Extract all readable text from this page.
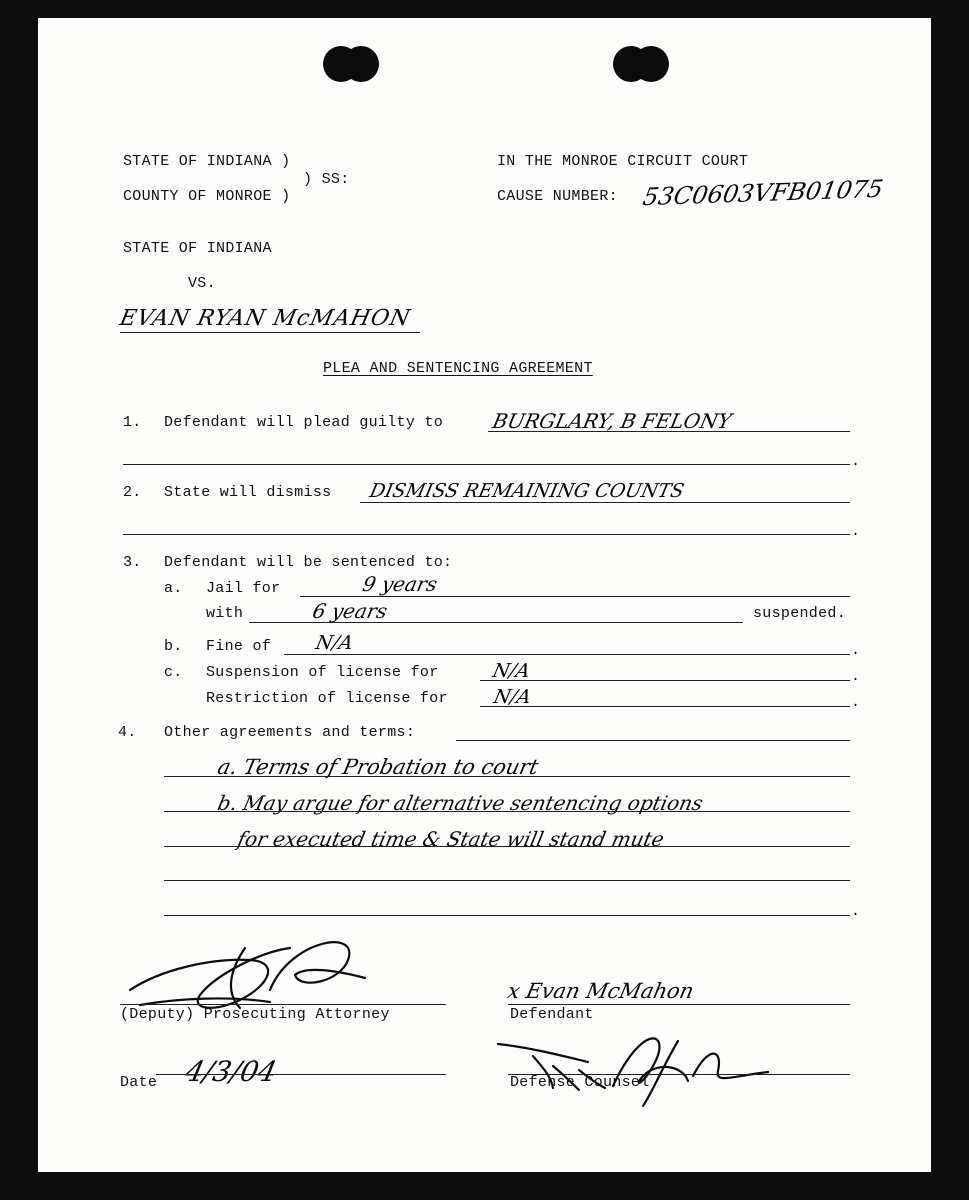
STATE OF INDIANA )
) SS:
COUNTY OF MONROE )
IN THE MONROE CIRCUIT COURT
CAUSE NUMBER: 53C0603VFB01075
STATE OF INDIANA
VS.
EVAN RYAN McMAHON
PLEA AND SENTENCING AGREEMENT
1. Defendant will plead guilty to BURGLARY, B FELONY
.
2. State will dismiss DISMISS REMAINING COUNTS
.
3. Defendant will be sentenced to:
a. Jail for	9 years
with	6 years	suspended.
b. Fine of N/A	.
c. Suspension of license for	N/A	.
Restriction of license for N/A	.
4. Other agreements and terms:
a. Terms of Probation to court
b. May argue for alternative sentencing options
for executed time & State will stand mute
.
(Deputy) Prosecuting Attorney
x Evan McMahon
Defendant
Date 4/3/04	Defense Counsel
